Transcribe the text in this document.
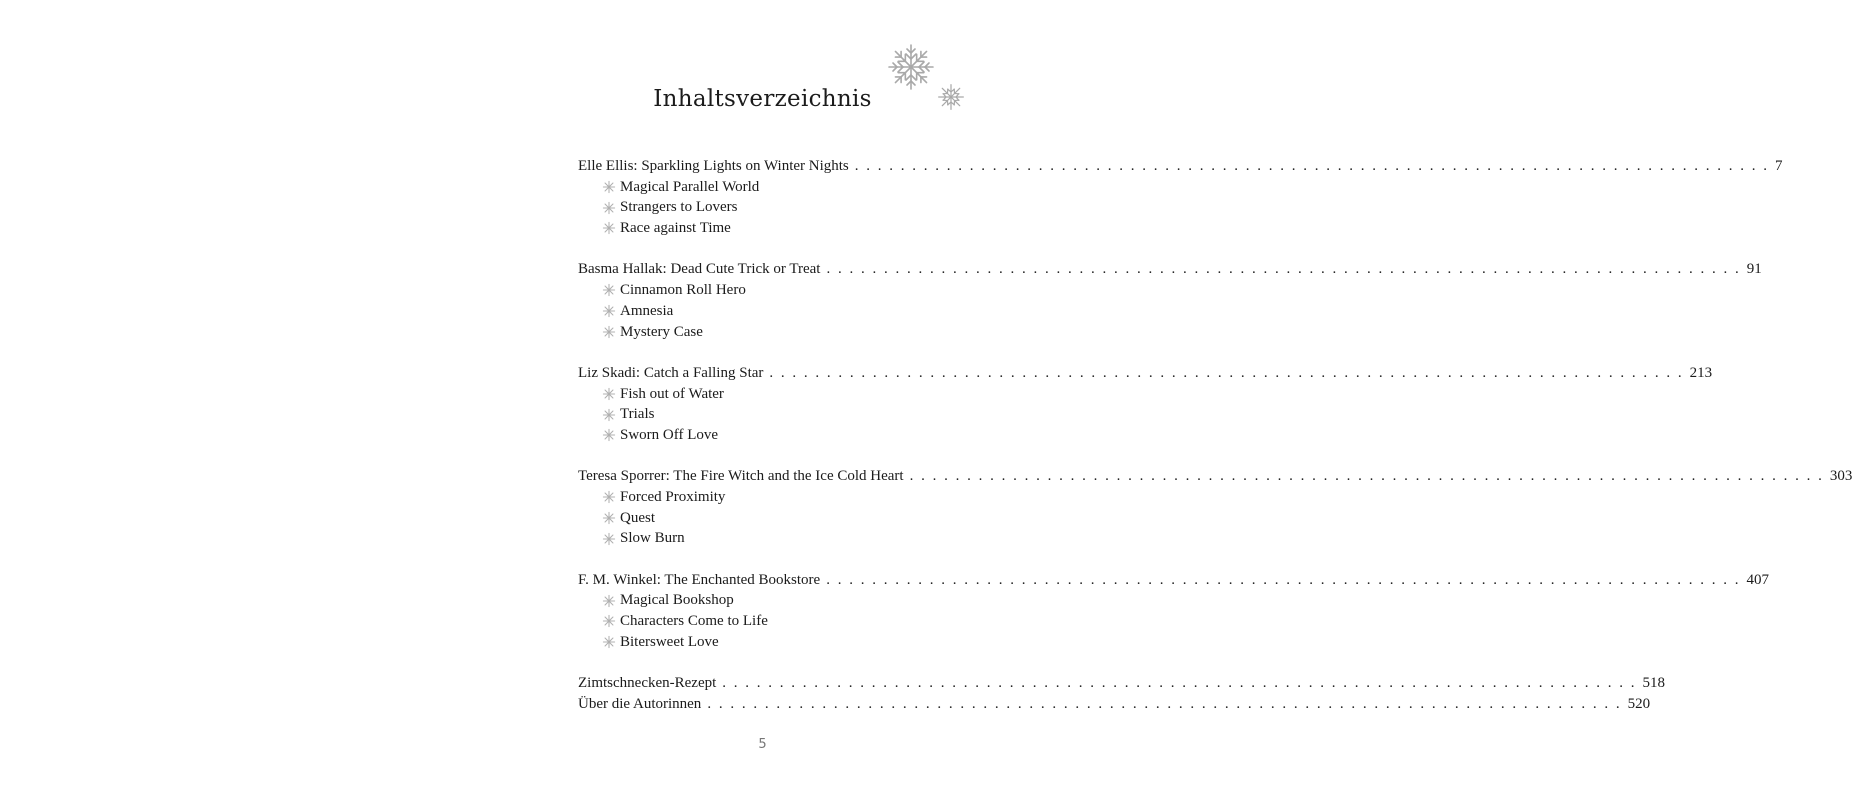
Inhaltsverzeichnis
Elle Ellis: Sparkling Lights on Winter Nights . . . . . . . . . . . . . . . . . . . . . . . . . . . . . . . . . . . . . . . . . . . . . . . . . . . . . . . . . . . . . . . . . . . . . . . . . . . . . . . . 7
Magical Parallel World
Strangers to Lovers
Race against Time
Basma Hallak: Dead Cute Trick or Treat . . . . . . . . . . . . . . . . . . . . . . . . . . . . . . . . . . . . . . . . . . . . . . . . . . . . . . . . . . . . . . . . . . . . . . . . . . . . . . . . 91
Cinnamon Roll Hero
Amnesia
Mystery Case
Liz Skadi: Catch a Falling Star . . . . . . . . . . . . . . . . . . . . . . . . . . . . . . . . . . . . . . . . . . . . . . . . . . . . . . . . . . . . . . . . . . . . . . . . . . . . . . . . 213
Fish out of Water
Trials
Sworn Off Love
Teresa Sporrer: The Fire Witch and the Ice Cold Heart . . . . . . . . . . . . . . . . . . . . . . . . . . . . . . . . . . . . . . . . . . . . . . . . . . . . . . . . . . . . . . . . . . . . . . . . . . . . . . . . 303
Forced Proximity
Quest
Slow Burn
F. M. Winkel: The Enchanted Bookstore . . . . . . . . . . . . . . . . . . . . . . . . . . . . . . . . . . . . . . . . . . . . . . . . . . . . . . . . . . . . . . . . . . . . . . . . . . . . . . . . 407
Magical Bookshop
Characters Come to Life
Bitersweet Love
Zimtschnecken-Rezept . . . . . . . . . . . . . . . . . . . . . . . . . . . . . . . . . . . . . . . . . . . . . . . . . . . . . . . . . . . . . . . . . . . . . . . . . . . . . . . . 518
Über die Autorinnen . . . . . . . . . . . . . . . . . . . . . . . . . . . . . . . . . . . . . . . . . . . . . . . . . . . . . . . . . . . . . . . . . . . . . . . . . . . . . . . . 520
5
